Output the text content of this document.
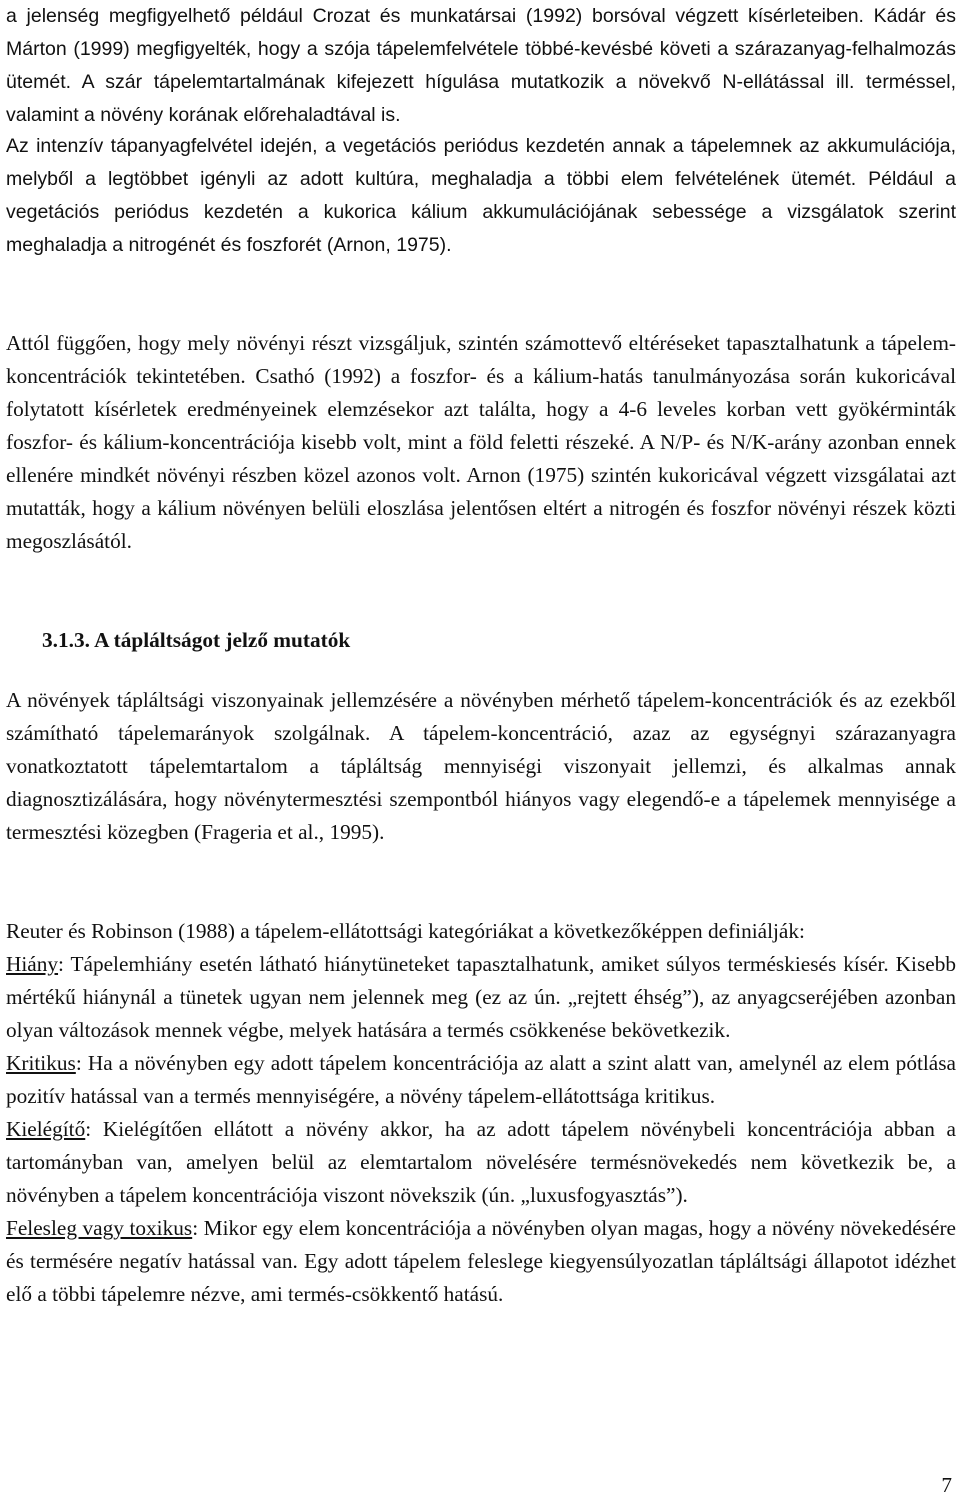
a jelenség megfigyelhető például Crozat és munkatársai (1992) borsóval végzett kísérleteiben. Kádár és Márton (1999) megfigyelték, hogy a szója tápelemfelvétele többé-kevésbé követi a szárazanyag-felhalmozás ütemét. A szár tápelemtartalmának kifejezett hígulása mutatkozik a növekvő N-ellátással ill. terméssel, valamint a növény korának előrehaladtával is.

Az intenzív tápanyagfelvétel idején, a vegetációs periódus kezdetén annak a tápelemnek az akkumulációja, melyből a legtöbbet igényli az adott kultúra, meghaladja a többi elem felvételének ütemét. Például a vegetációs periódus kezdetén a kukorica kálium akkumulációjának sebessége a vizsgálatok szerint meghaladja a nitrogénét és foszforét (Arnon, 1975).

Attól függően, hogy mely növényi részt vizsgáljuk, szintén számottevő eltéréseket tapasztalhatunk a tápelem-koncentrációk tekintetében. Csathó (1992) a foszfor- és a kálium-hatás tanulmányozása során kukoricával folytatott kísérletek eredményeinek elemzésekor azt találta, hogy a 4-6 leveles korban vett gyökérminták foszfor- és kálium-koncentrációja kisebb volt, mint a föld feletti részeké. A N/P- és N/K-arány azonban ennek ellenére mindkét növényi részben közel azonos volt. Arnon (1975) szintén kukoricával végzett vizsgálatai azt mutatták, hogy a kálium növényen belüli eloszlása jelentősen eltért a nitrogén és foszfor növényi részek közti megoszlásától.

3.1.3. A tápláltságot jelző mutatók

A növények tápláltsági viszonyainak jellemzésére a növényben mérhető tápelem-koncentrációk és az ezekből számítható tápelemarányok szolgálnak. A tápelem-koncentráció, azaz az egységnyi szárazanyagra vonatkoztatott tápelemtartalom a tápláltság mennyiségi viszonyait jellemzi, és alkalmas annak diagnosztizálására, hogy növénytermesztési szempontból hiányos vagy elegendő-e a tápelemek mennyisége a termesztési közegben (Frageria et al., 1995).

Reuter és Robinson (1988) a tápelem-ellátottsági kategóriákat a következőképpen definiálják:

Hiány: Tápelemhiány esetén látható hiánytüneteket tapasztalhatunk, amiket súlyos terméskiesés kísér. Kisebb mértékű hiánynál a tünetek ugyan nem jelennek meg (ez az ún. „rejtett éhség”), az anyagcseréjében azonban olyan változások mennek végbe, melyek hatására a termés csökkenése bekövetkezik.

Kritikus: Ha a növényben egy adott tápelem koncentrációja az alatt a szint alatt van, amelynél az elem pótlása pozitív hatással van a termés mennyiségére, a növény tápelem-ellátottsága kritikus.

Kielégítő: Kielégítően ellátott a növény akkor, ha az adott tápelem növénybeli koncentrációja abban a tartományban van, amelyen belül az elemtartalom növelésére termésnövekedés nem következik be, a növényben a tápelem koncentrációja viszont növekszik (ún. „luxusfogyasztás”).

Felesleg vagy toxikus: Mikor egy elem koncentrációja a növényben olyan magas, hogy a növény növekedésére és termésére negatív hatással van. Egy adott tápelem feleslege kiegyensúlyozatlan tápláltsági állapotot idézhet elő a többi tápelemre nézve, ami termés-csökkentő hatású.

7
